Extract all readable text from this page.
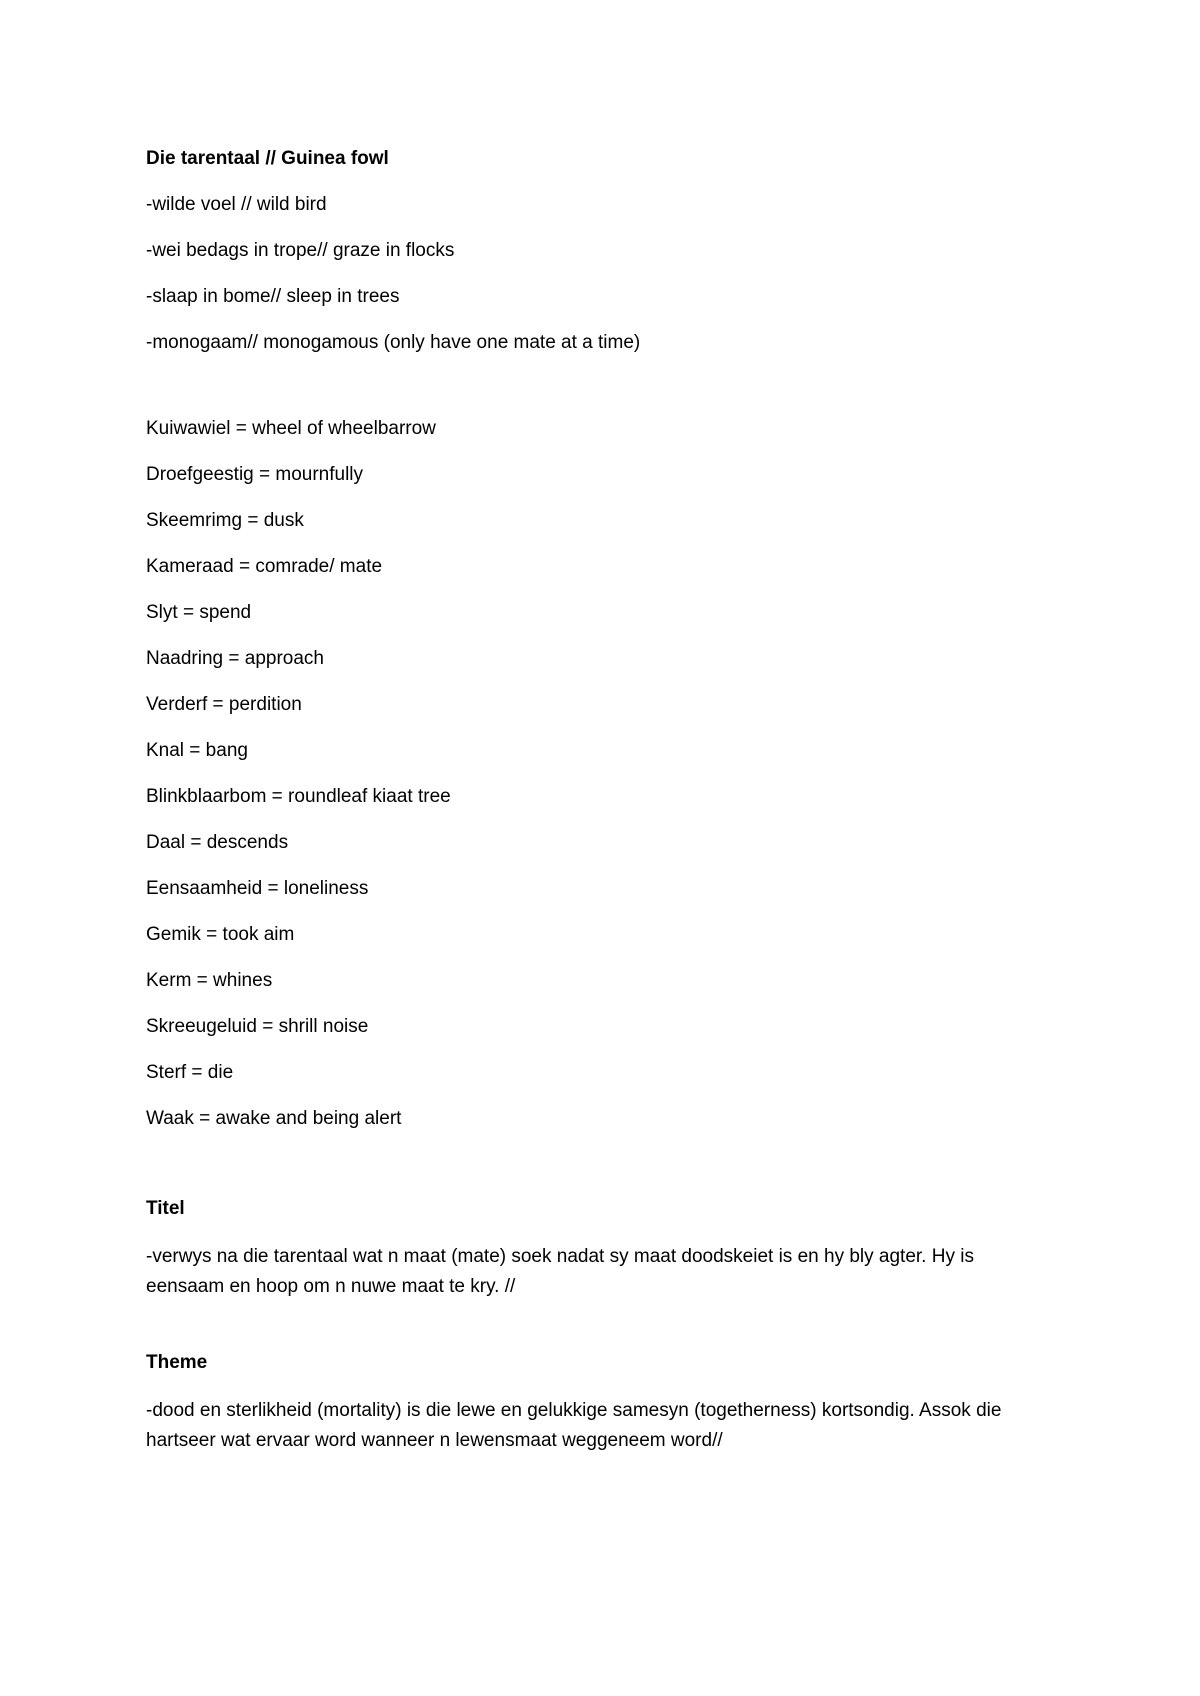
Die tarentaal // Guinea fowl
-wilde voel // wild bird
-wei bedags in trope// graze in flocks
-slaap in bome// sleep in trees
-monogaam// monogamous (only have one mate at a time)
Kuiwawiel = wheel of wheelbarrow
Droefgeestig = mournfully
Skeemrimg = dusk
Kameraad = comrade/ mate
Slyt = spend
Naadring = approach
Verderf = perdition
Knal = bang
Blinkblaarbom = roundleaf kiaat tree
Daal = descends
Eensaamheid = loneliness
Gemik = took aim
Kerm = whines
Skreeugeluid = shrill noise
Sterf = die
Waak = awake and being alert
Titel
-verwys na die tarentaal wat n maat (mate) soek nadat sy maat doodskeiet is en hy bly agter. Hy is eensaam en hoop om n nuwe maat te kry. //
Theme
-dood en sterlikheid (mortality) is die lewe en gelukkige samesyn (togetherness) kortsondig. Assok die hartseer wat ervaar word wanneer n lewensmaat weggeneem word//
